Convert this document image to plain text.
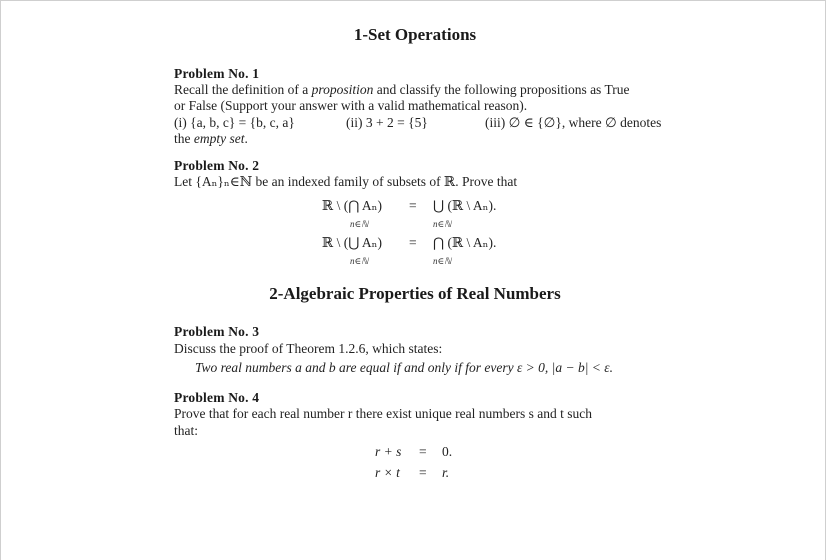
1-Set Operations
Problem No. 1

Recall the definition of a proposition and classify the following propositions as True

or False (Support your answer with a valid mathematical reason).

(i) {a, b, c} = {b, c, a}	(ii) 3 + 2 = {5}	(iii) ∅ ∈ {∅}, where ∅ denotes

the empty set.

Problem No. 2

Let {Aₙ}ₙ∈ℕ be an indexed family of subsets of ℝ. Prove that

ℝ \ (⋂ Aₙ)
n∈ℕ
= ⋃ (ℝ \ Aₙ).
n∈ℕ
ℝ \ (⋃ Aₙ)
n∈ℕ
= ⋂ (ℝ \ Aₙ).
n∈ℕ
2-Algebraic Properties of Real Numbers
Problem No. 3

Discuss the proof of Theorem 1.2.6, which states:

Two real numbers a and b are equal if and only if for every ε > 0, |a − b| < ε.

Problem No. 4

Prove that for each real number r there exist unique real numbers s and t such

that:

r + s = 0.
r × t = r.
